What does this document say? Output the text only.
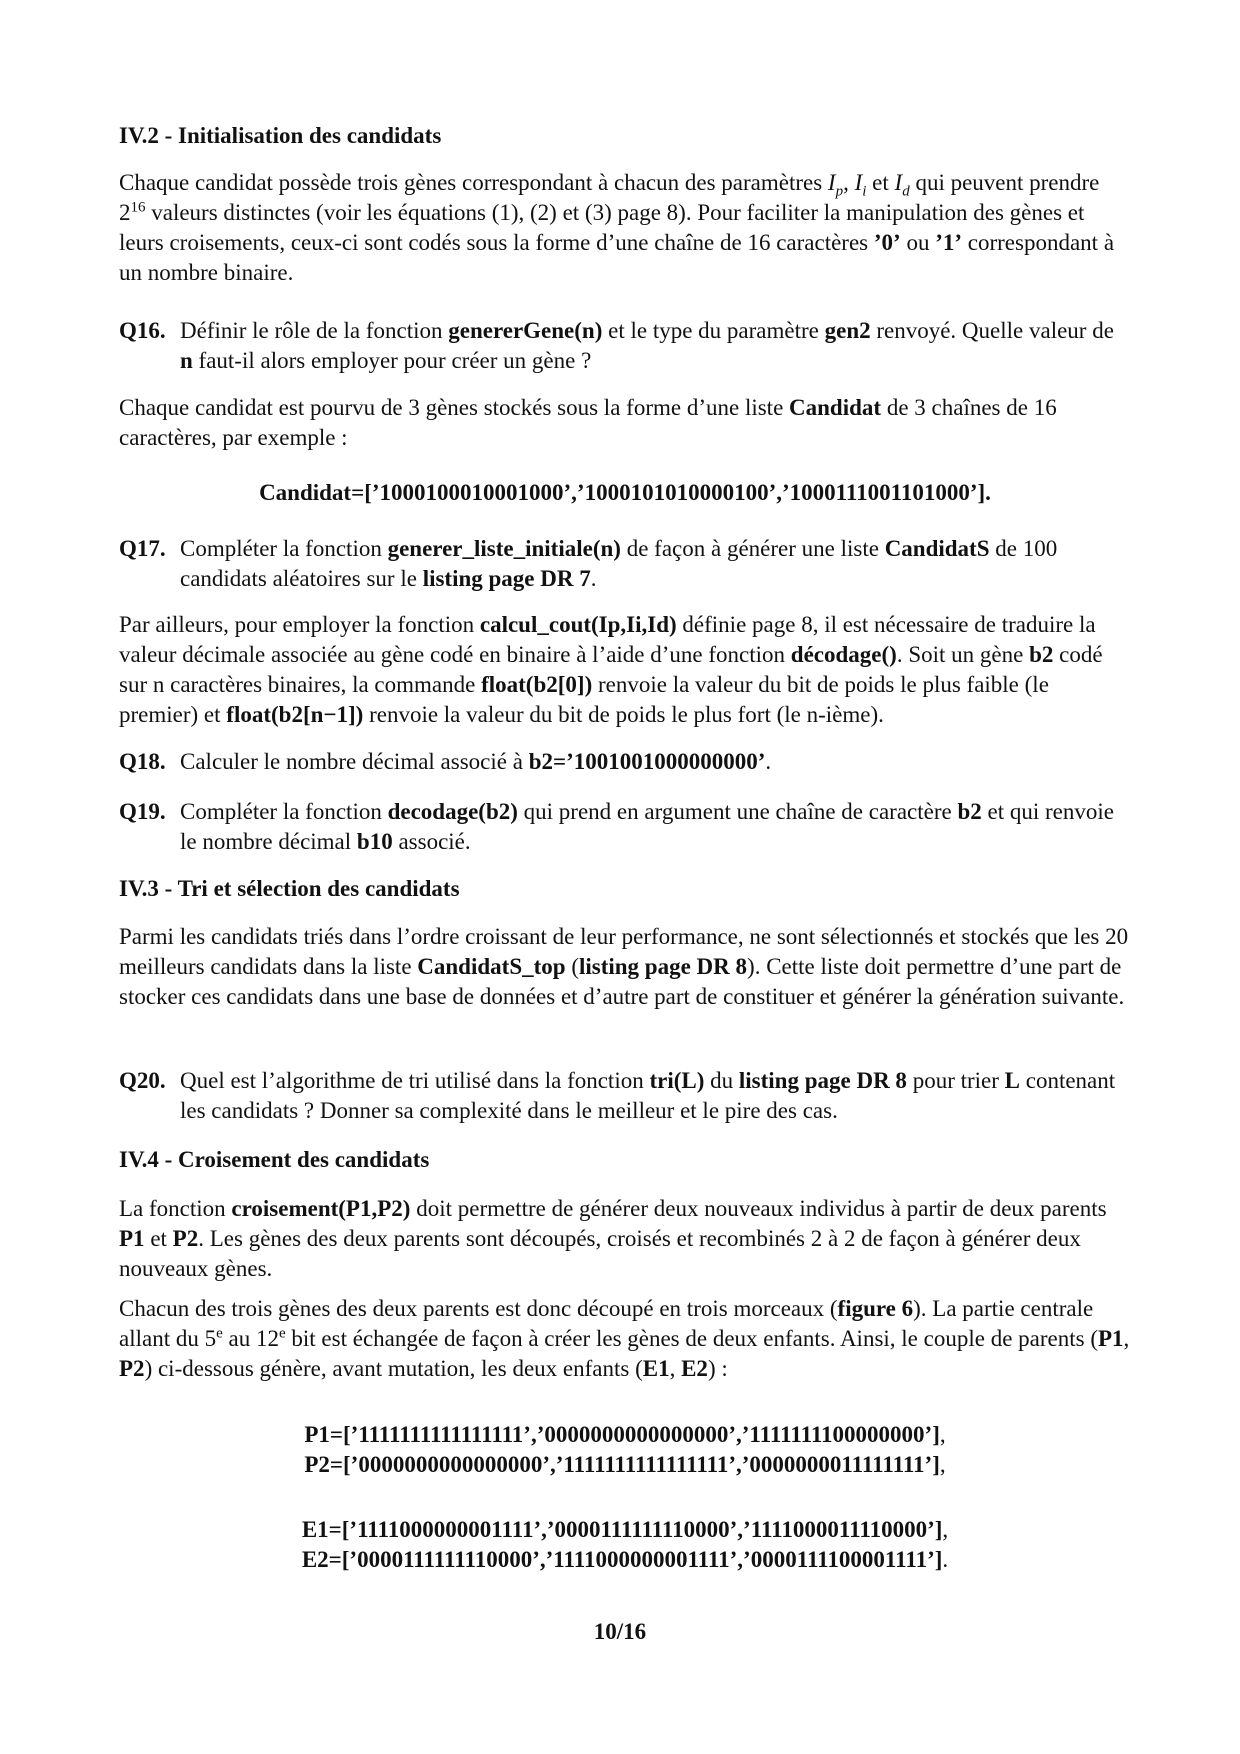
IV.2 - Initialisation des candidats

Chaque candidat possède trois gènes correspondant à chacun des paramètres $I_p$, $I_i$ et $I_d$ qui peuvent prendre $2^{16}$ valeurs distinctes (voir les équations (1), (2) et (3) page 8). Pour faciliter la manipulation des gènes et leurs croisements, ceux-ci sont codés sous la forme d’une chaîne de 16 caractères ’0’ ou ’1’ correspondant à un nombre binaire.

Q16. Définir le rôle de la fonction genererGene(n) et le type du paramètre gen2 renvoyé. Quelle valeur de n faut-il alors employer pour créer un gène ?

Chaque candidat est pourvu de 3 gènes stockés sous la forme d’une liste Candidat de 3 chaînes de 16 caractères, par exemple :

Candidat=[’1000100010001000’,’1000101010000100’,’1000111001101000’].
Q17. Compléter la fonction generer_liste_initiale(n) de façon à générer une liste CandidatS de 100 candidats aléatoires sur le listing page DR 7.

Par ailleurs, pour employer la fonction calcul_cout(Ip,Ii,Id) définie page 8, il est nécessaire de traduire la valeur décimale associée au gène codé en binaire à l’aide d’une fonction décodage(). Soit un gène b2 codé sur n caractères binaires, la commande float(b2[0]) renvoie la valeur du bit de poids le plus faible (le premier) et float(b2[n−1]) renvoie la valeur du bit de poids le plus fort (le n-ième).

Q18. Calculer le nombre décimal associé à b2=’1001001000000000’.
Q19. Compléter la fonction decodage(b2) qui prend en argument une chaîne de caractère b2 et qui renvoie le nombre décimal b10 associé.
IV.3 - Tri et sélection des candidats

Parmi les candidats triés dans l’ordre croissant de leur performance, ne sont sélectionnés et stockés que les 20 meilleurs candidats dans la liste CandidatS_top (listing page DR 8). Cette liste doit permettre d’une part de stocker ces candidats dans une base de données et d’autre part de constituer et générer la génération suivante.

Q20. Quel est l’algorithme de tri utilisé dans la fonction tri(L) du listing page DR 8 pour trier L contenant les candidats ? Donner sa complexité dans le meilleur et le pire des cas.
IV.4 - Croisement des candidats

La fonction croisement(P1,P2) doit permettre de générer deux nouveaux individus à partir de deux parents P1 et P2. Les gènes des deux parents sont découpés, croisés et recombinés 2 à 2 de façon à générer deux nouveaux gènes.

Chacun des trois gènes des deux parents est donc découpé en trois morceaux (figure 6). La partie centrale allant du 5e au 12e bit est échangée de façon à créer les gènes de deux enfants. Ainsi, le couple de parents (P1, P2) ci-dessous génère, avant mutation, les deux enfants (E1, E2) :

P1=[’1111111111111111’,’0000000000000000’,’1111111100000000’],
P2=[’0000000000000000’,’1111111111111111’,’0000000011111111’],
E1=[’1111000000001111’,’0000111111110000’,’1111000011110000’],
E2=[’0000111111110000’,’1111000000001111’,’0000111100001111’].
10/16
